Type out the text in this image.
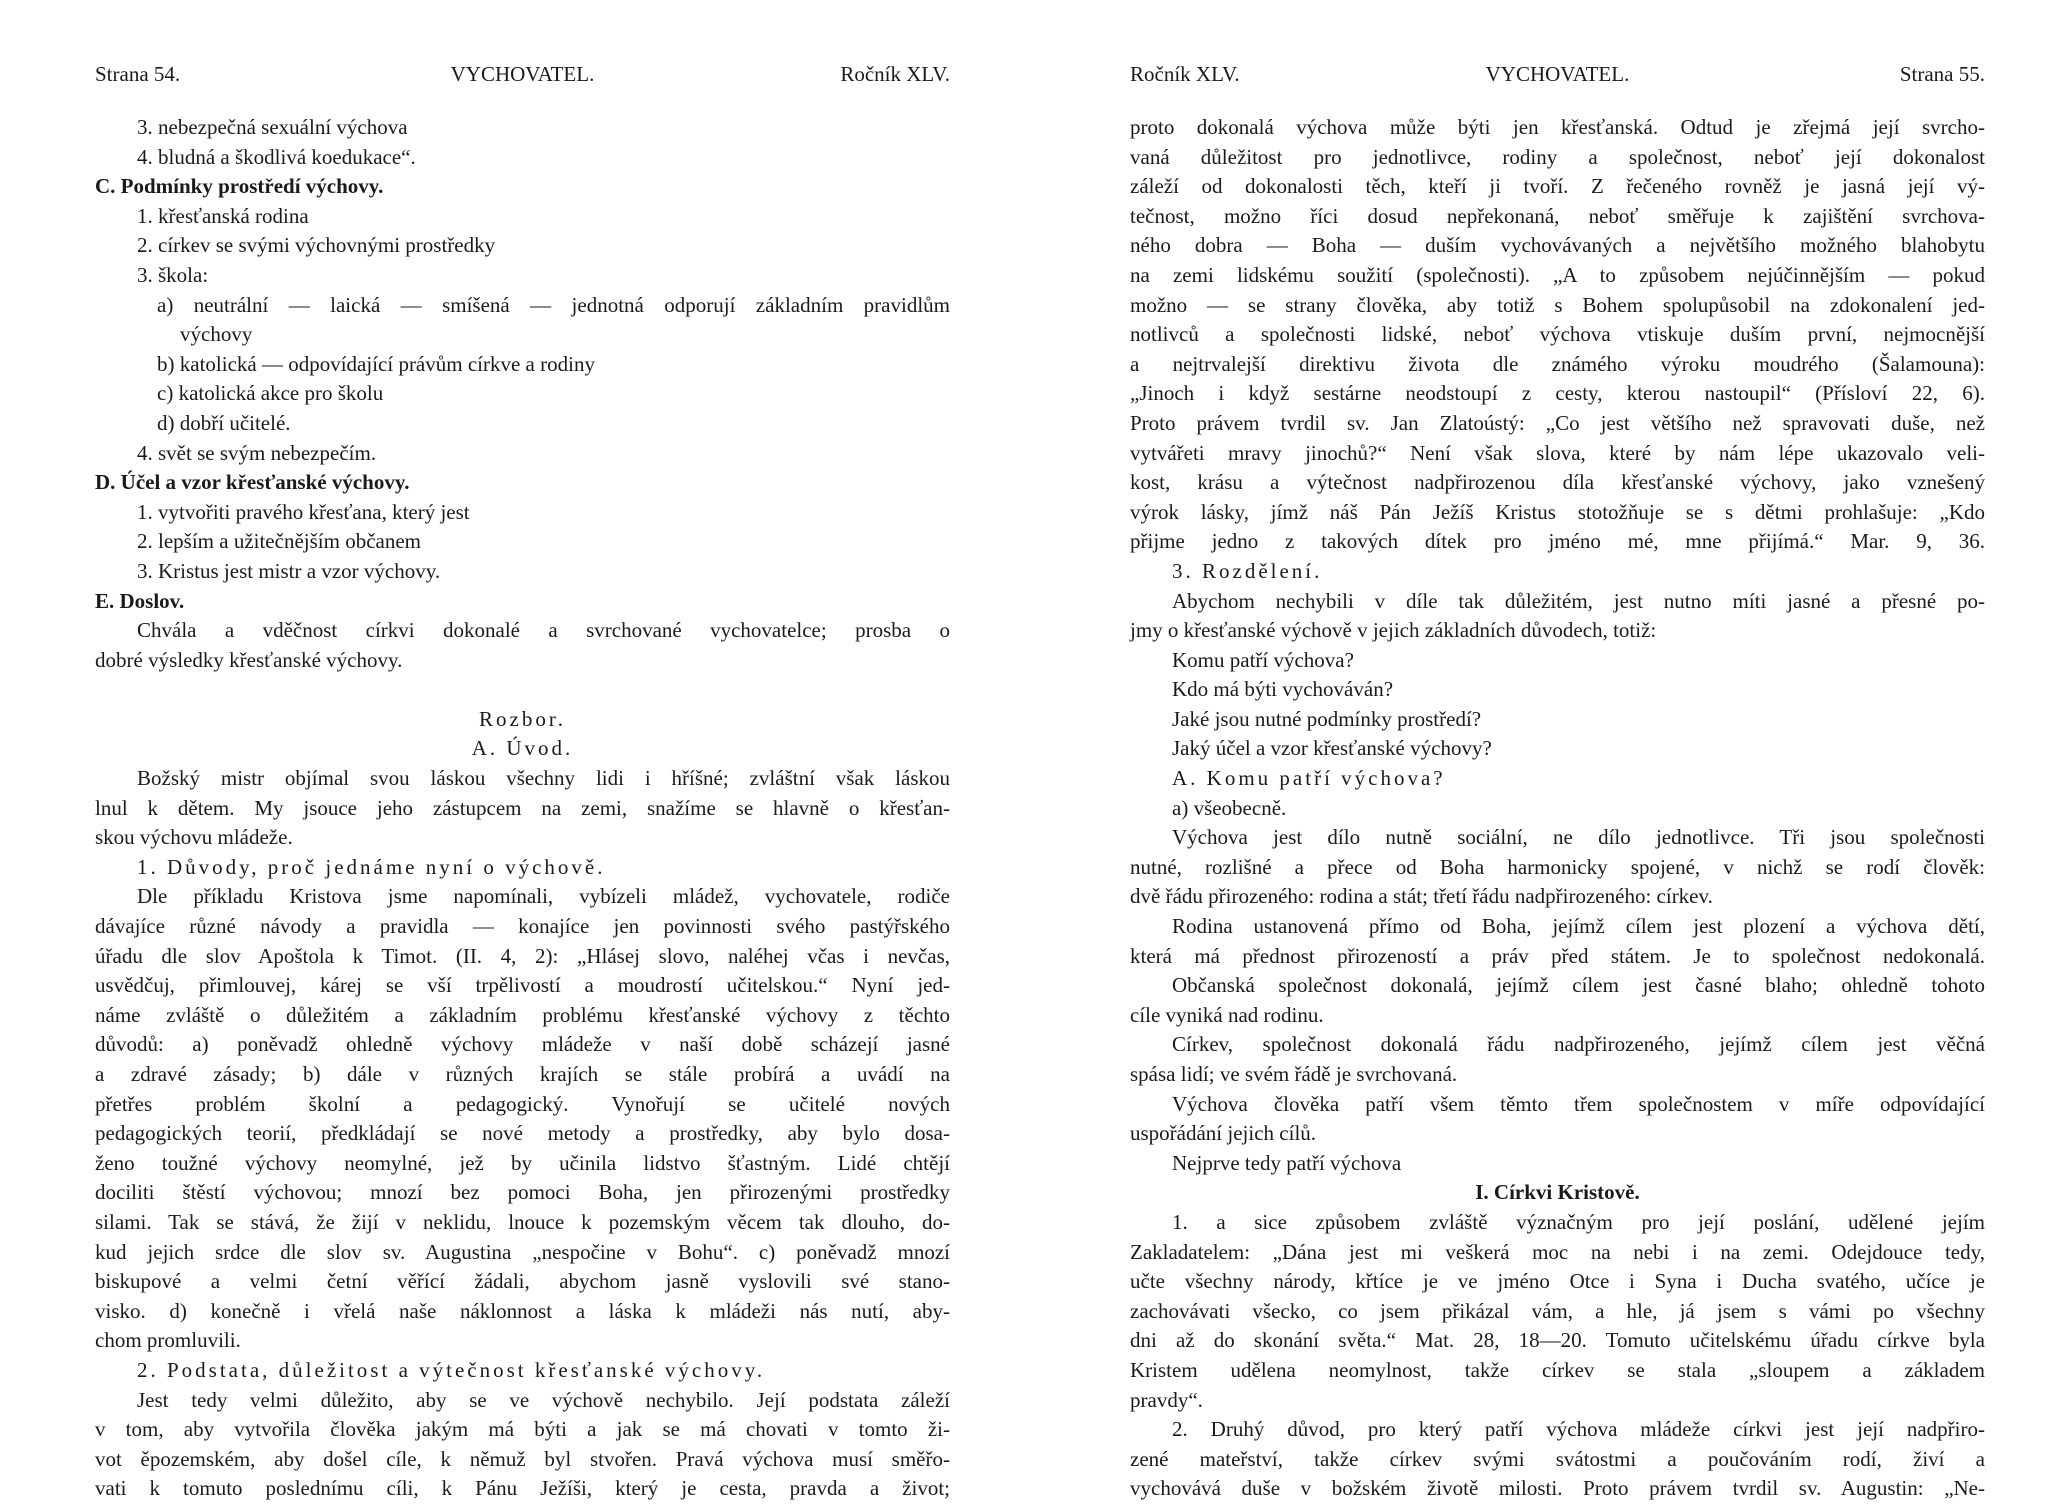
VYCHOVATEL.
Strana 54.	Ročník XLV.
3. nebezpečná sexuální výchova
4. bludná a škodlivá koedukace“.
C. Podmínky prostředí výchovy.
1. křesťanská rodina
2. církev se svými výchovnými prostředky
3. škola:
a) neutrální — laická — smíšená — jednotná odporují základním pravidlům
výchovy
b) katolická — odpovídající právům církve a rodiny
c) katolická akce pro školu
d) dobří učitelé.
4. svět se svým nebezpečím.
D. Účel a vzor křesťanské výchovy.
1. vytvořiti pravého křesťana, který jest
2. lepším a užitečnějším občanem
3. Kristus jest mistr a vzor výchovy.
E. Doslov.
Chvála a vděčnost církvi dokonalé a svrchované vychovatelce; prosba o
dobré výsledky křesťanské výchovy.
Rozbor.
A. Úvod.
Božský mistr objímal svou láskou všechny lidi i hříšné; zvláštní však láskou
lnul k dětem. My jsouce jeho zástupcem na zemi, snažíme se hlavně o křesťan-
skou výchovu mládeže.
1. Důvody, proč jednáme nyní o výchově.
Dle příkladu Kristova jsme napomínali, vybízeli mládež, vychovatele, rodiče
dávajíce různé návody a pravidla — konajíce jen povinnosti svého pastýřského
úřadu dle slov Apoštola k Timot. (II. 4, 2): „Hlásej slovo, naléhej včas i nevčas,
usvědčuj, přimlouvej, kárej se vší trpělivostí a moudrostí učitelskou.“ Nyní jed-
náme zvláště o důležitém a základním problému křesťanské výchovy z těchto
důvodů: a) poněvadž ohledně výchovy mládeže v naší době scházejí jasné
a zdravé zásady; b) dále v různých krajích se stále probírá a uvádí na
přetřes problém školní a pedagogický. Vynořují se učitelé nových
pedagogických teorií, předkládají se nové metody a prostředky, aby bylo dosa-
ženo toužné výchovy neomylné, jež by učinila lidstvo šťastným. Lidé chtějí
dociliti štěstí výchovou; mnozí bez pomoci Boha, jen přirozenými prostředky
silami. Tak se stává, že žijí v neklidu, lnouce k pozemským věcem tak dlouho, do-
kud jejich srdce dle slov sv. Augustina „nespočine v Bohu“. c) poněvadž mnozí
biskupové a velmi četní věřící žádali, abychom jasně vyslovili své stano-
visko. d) konečně i vřelá naše náklonnost a láska k mládeži nás nutí, aby-
chom promluvili.
2. Podstata, důležitost a výtečnost křesťanské výchovy.
Jest tedy velmi důležito, aby se ve výchově nechybilo. Její podstata záleží
v tom, aby vytvořila člověka jakým má býti a jak se má chovati v tomto ži-
vot ěpozemském, aby došel cíle, k němuž byl stvořen. Pravá výchova musí směřo-
vati k tomuto poslednímu cíli, k Pánu Ježíši, který je cesta, pravda a život;
VYCHOVATEL.
Ročník XLV.	Strana 55.
proto dokonalá výchova může býti jen křesťanská. Odtud je zřejmá její svrcho-
vaná důležitost pro jednotlivce, rodiny a společnost, neboť její dokonalost
záleží od dokonalosti těch, kteří ji tvoří. Z řečeného rovněž je jasná její vý-
tečnost, možno říci dosud nepřekonaná, neboť směřuje k zajištění svrchova-
ného dobra — Boha — duším vychovávaných a největšího možného blahobytu
na zemi lidskému soužití (společnosti). „A to způsobem nejúčinnějším — pokud
možno — se strany člověka, aby totiž s Bohem spolupůsobil na zdokonalení jed-
notlivců a společnosti lidské, neboť výchova vtiskuje duším první, nejmocnější
a nejtrvalejší direktivu života dle známého výroku moudrého (Šalamouna):
„Jinoch i když sestárne neodstoupí z cesty, kterou nastoupil“ (Přísloví 22, 6).
Proto právem tvrdil sv. Jan Zlatoústý: „Co jest většího než spravovati duše, než
vytvářeti mravy jinochů?“ Není však slova, které by nám lépe ukazovalo veli-
kost, krásu a výtečnost nadpřirozenou díla křesťanské výchovy, jako vznešený
výrok lásky, jímž náš Pán Ježíš Kristus stotožňuje se s dětmi prohlašuje: „Kdo
přijme jedno z takových dítek pro jméno mé, mne přijímá.“ Mar. 9, 36.
3. Rozdělení.
Abychom nechybili v díle tak důležitém, jest nutno míti jasné a přesné po-
jmy o křesťanské výchově v jejich základních důvodech, totiž:
Komu patří výchova?
Kdo má býti vychováván?
Jaké jsou nutné podmínky prostředí?
Jaký účel a vzor křesťanské výchovy?
A. Komu patří výchova?
a) všeobecně.
Výchova jest dílo nutně sociální, ne dílo jednotlivce. Tři jsou společnosti
nutné, rozlišné a přece od Boha harmonicky spojené, v nichž se rodí člověk:
dvě řádu přirozeného: rodina a stát; třetí řádu nadpřirozeného: církev.
Rodina ustanovená přímo od Boha, jejímž cílem jest plození a výchova dětí,
která má přednost přirozeností a práv před státem. Je to společnost nedokonalá.
Občanská společnost dokonalá, jejímž cílem jest časné blaho; ohledně tohoto
cíle vyniká nad rodinu.
Církev, společnost dokonalá řádu nadpřirozeného, jejímž cílem jest věčná
spása lidí; ve svém řádě je svrchovaná.
Výchova člověka patří všem těmto třem společnostem v míře odpovídající
uspořádání jejich cílů.
Nejprve tedy patří výchova
I. Církvi Kristově.
1. a sice způsobem zvláště význačným pro její poslání, udělené jejím
Zakladatelem: „Dána jest mi veškerá moc na nebi i na zemi. Odejdouce tedy,
učte všechny národy, křtíce je ve jméno Otce i Syna i Ducha svatého, učíce je
zachovávati všecko, co jsem přikázal vám, a hle, já jsem s vámi po všechny
dni až do skonání světa.“ Mat. 28, 18—20. Tomuto učitelskému úřadu církve byla
Kristem udělena neomylnost, takže církev se stala „sloupem a základem
pravdy“.
2. Druhý důvod, pro který patří výchova mládeže církvi jest její nadpřiro-
zené mateřství, takže církev svými svátostmi a poučováním rodí, živí a
vychovává duše v božském životě milosti. Proto právem tvrdil sv. Augustin: „Ne-
